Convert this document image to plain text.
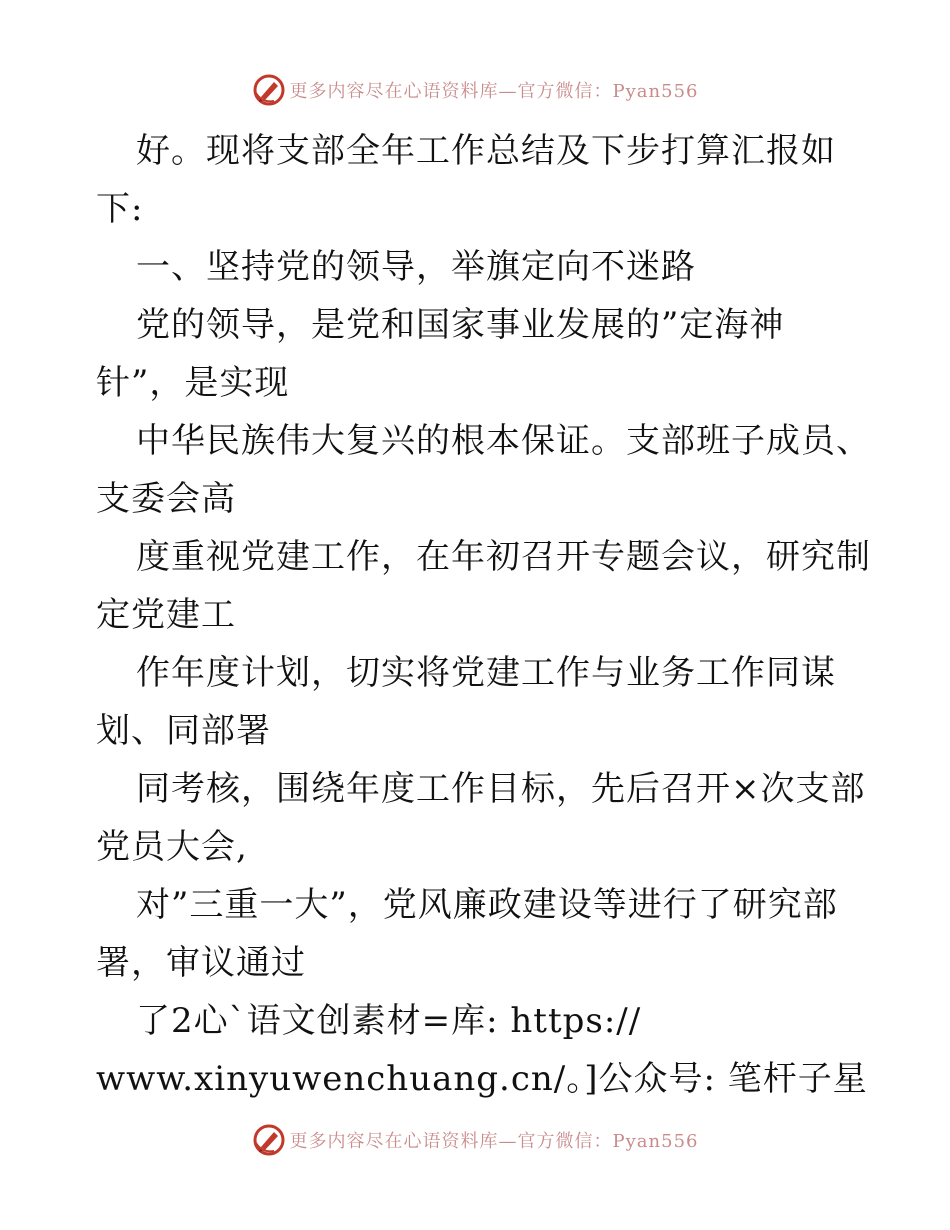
更多内容尽在心语资料库—官方微信：Pyan556
好。现将支部全年工作总结及下步打算汇报如
下:
一、坚持党的领导，举旗定向不迷路
党的领导，是党和国家事业发展的”定海神
针”，是实现
中华民族伟大复兴的根本保证。支部班子成员、
支委会高
度重视党建工作，在年初召开专题会议，研究制
定党建工
作年度计划，切实将党建工作与业务工作同谋
划、同部署
同考核，围绕年度工作目标，先后召开×次支部
党员大会,
对”三重一大”，党风廉政建设等进行了研究部
署，审议通过
了2心`语文创素材=库: https://
www.xinyuwenchuang.cn/。]公众号: 笔杆子星
更多内容尽在心语资料库—官方微信：Pyan556
